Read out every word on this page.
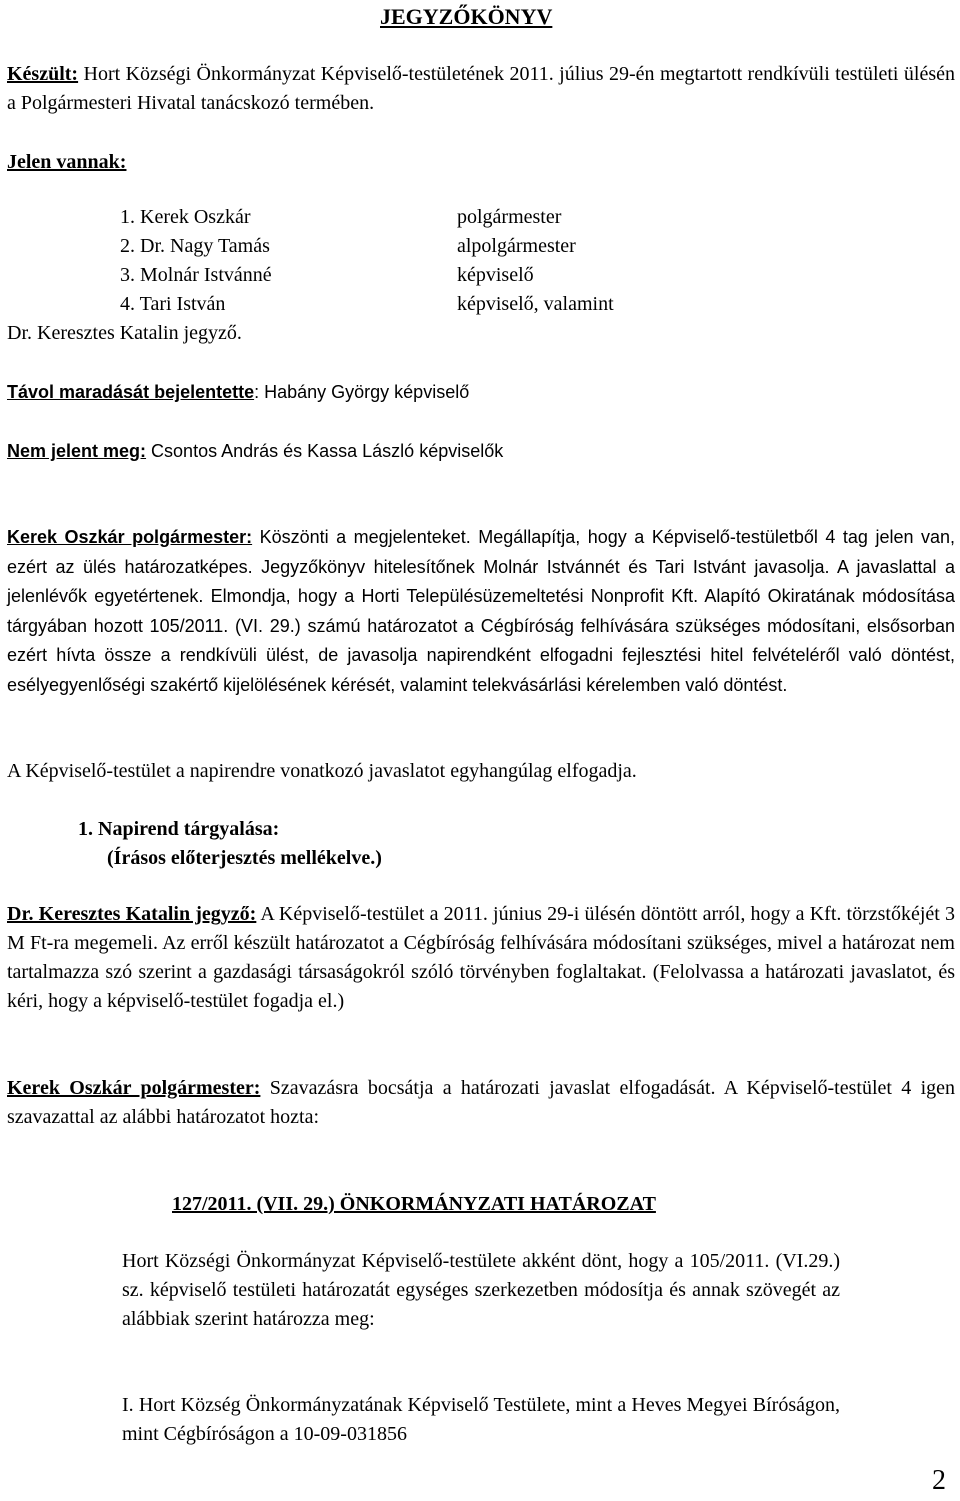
JEGYZŐKÖNYV
Készült: Hort Községi Önkormányzat Képviselő-testületének 2011. július 29-én megtartott rendkívüli testületi ülésén a Polgármesteri Hivatal tanácskozó termében.
Jelen vannak:
1. Kerek Oszkár	polgármester
2. Dr. Nagy Tamás	alpolgármester
3. Molnár Istvánné	képviselő
4. Tari István	képviselő, valamint
Dr. Keresztes Katalin jegyző.
Távol maradását bejelentette: Habány György képviselő
Nem jelent meg: Csontos András és Kassa László képviselők
Kerek Oszkár polgármester: Köszönti a megjelenteket. Megállapítja, hogy a Képviselő-testületből 4 tag jelen van, ezért az ülés határozatképes. Jegyzőkönyv hitelesítőnek Molnár Istvánnét és Tari Istvánt javasolja. A javaslattal a jelenlévők egyetértenek. Elmondja, hogy a Horti Településüzemeltetési Nonprofit Kft. Alapító Okiratának módosítása tárgyában hozott 105/2011. (VI. 29.) számú határozatot a Cégbíróság felhívására szükséges módosítani, elsősorban ezért hívta össze a rendkívüli ülést, de javasolja napirendként elfogadni fejlesztési hitel felvételéről való döntést, esélyegyenlőségi szakértő kijelölésének kérését, valamint telekvásárlási kérelemben való döntést.
A Képviselő-testület a napirendre vonatkozó javaslatot egyhangúlag elfogadja.
1. Napirend tárgyalása:
(Írásos előterjesztés mellékelve.)
Dr. Keresztes Katalin jegyző: A Képviselő-testület a 2011. június 29-i ülésén döntött arról, hogy a Kft. törzstőkéjét 3 M Ft-ra megemeli. Az erről készült határozatot a Cégbíróság felhívására módosítani szükséges, mivel a határozat nem tartalmazza szó szerint a gazdasági társaságokról szóló törvényben foglaltakat. (Felolvassa a határozati javaslatot, és kéri, hogy a képviselő-testület fogadja el.)
Kerek Oszkár polgármester: Szavazásra bocsátja a határozati javaslat elfogadását. A Képviselő-testület 4 igen szavazattal az alábbi határozatot hozta:
127/2011. (VII. 29.) ÖNKORMÁNYZATI HATÁROZAT
Hort Községi Önkormányzat Képviselő-testülete akként dönt, hogy a 105/2011. (VI.29.) sz. képviselő testületi határozatát egységes szerkezetben módosítja és annak szövegét az alábbiak szerint határozza meg:
I. Hort Község Önkormányzatának Képviselő Testülete, mint a Heves Megyei Bíróságon, mint Cégbíróságon a 10-09-031856
2
